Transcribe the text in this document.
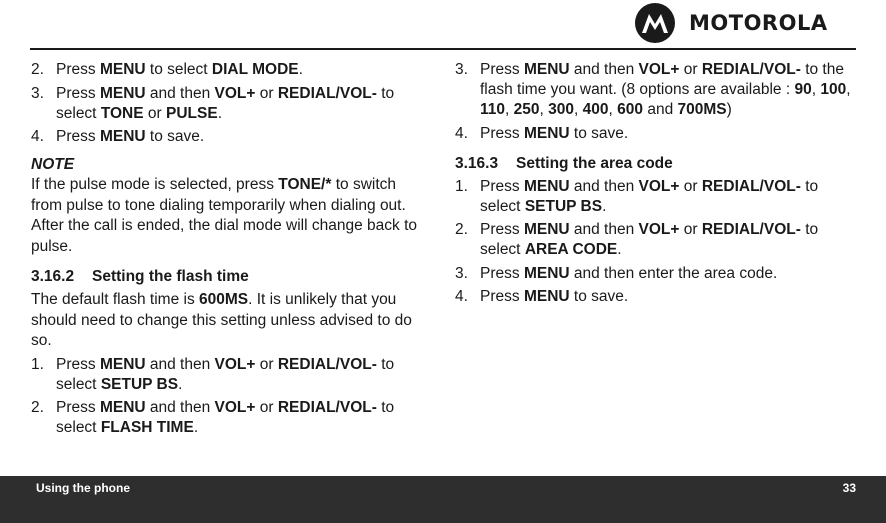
MOTOROLA
2. Press MENU to select DIAL MODE.
3. Press MENU and then VOL+ or REDIAL/VOL- to select TONE or PULSE.
4. Press MENU to save.
NOTE
If the pulse mode is selected, press TONE/* to switch from pulse to tone dialing temporarily when dialing out. After the call is ended, the dial mode will change back to pulse.
3.16.2 Setting the flash time
The default flash time is 600MS. It is unlikely that you should need to change this setting unless advised to do so.
1. Press MENU and then VOL+ or REDIAL/VOL- to select SETUP BS.
2. Press MENU and then VOL+ or REDIAL/VOL- to select FLASH TIME.
3. Press MENU and then VOL+ or REDIAL/VOL- to the flash time you want. (8 options are available : 90, 100, 110, 250, 300, 400, 600 and 700MS)
4. Press MENU to save.
3.16.3 Setting the area code
1. Press MENU and then VOL+ or REDIAL/VOL- to select SETUP BS.
2. Press MENU and then VOL+ or REDIAL/VOL- to select AREA CODE.
3. Press MENU and then enter the area code.
4. Press MENU to save.
Using the phone	33
